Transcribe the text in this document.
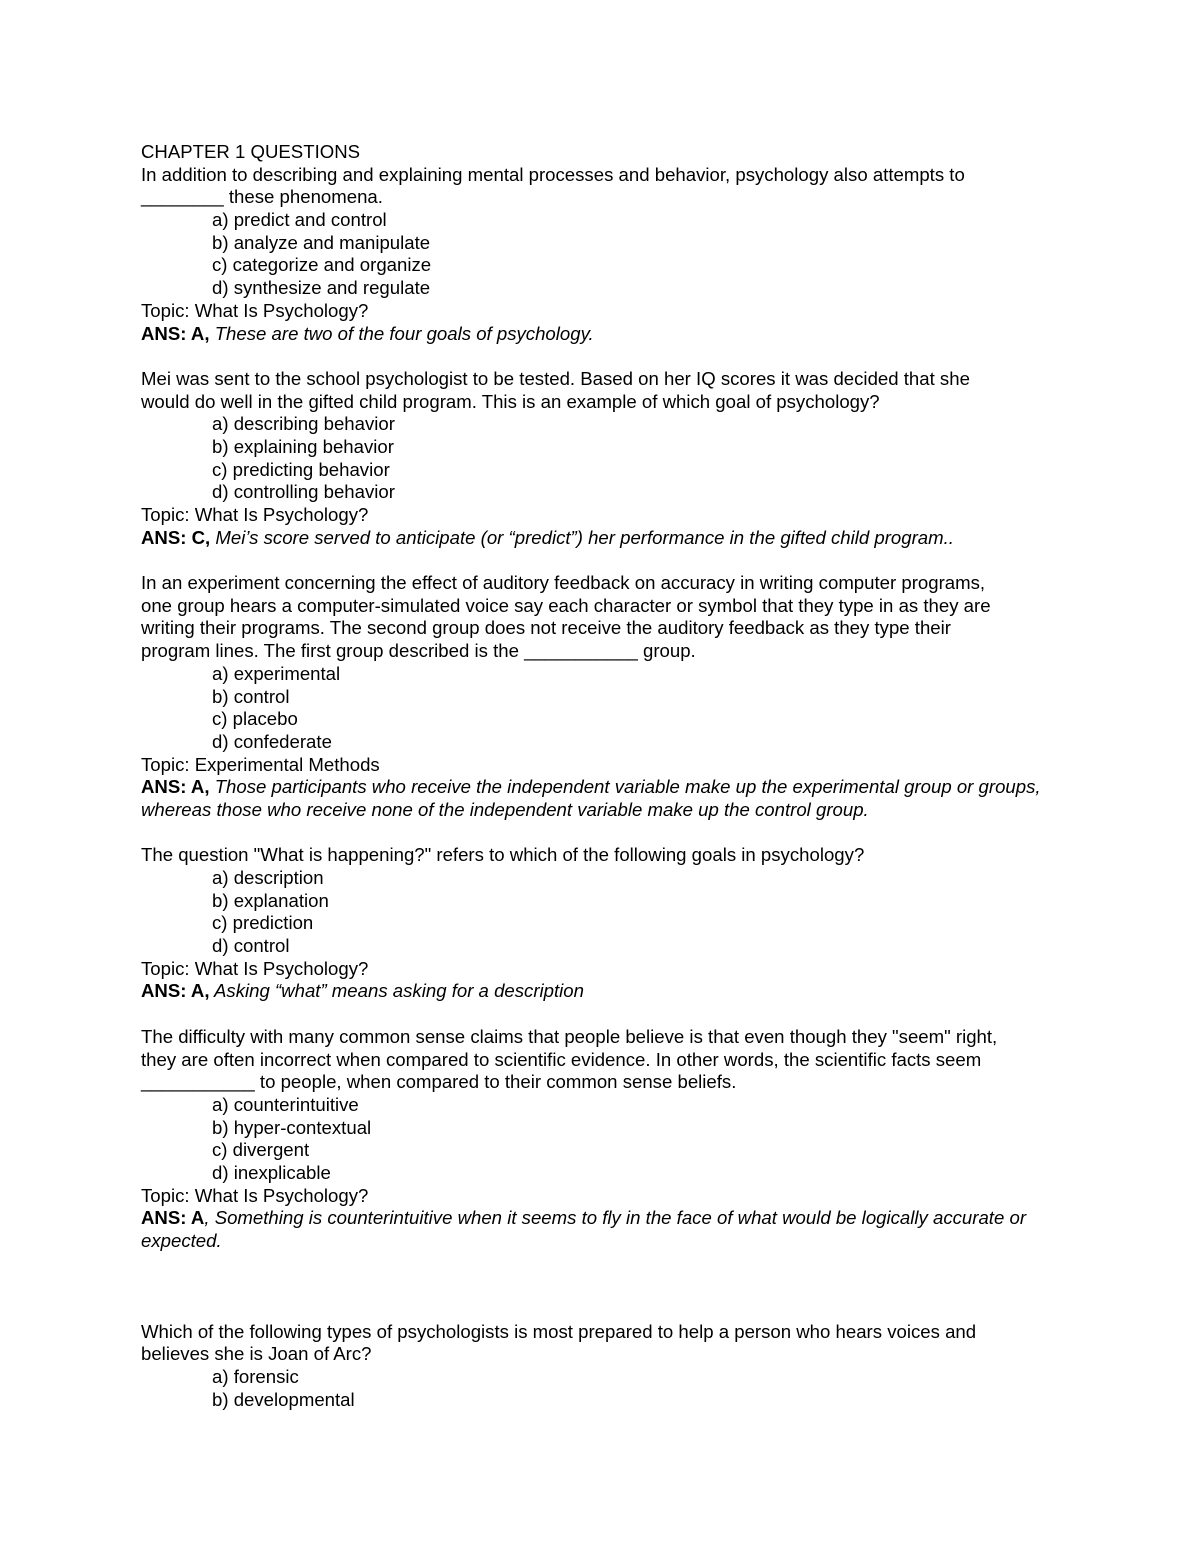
CHAPTER 1 QUESTIONS
In addition to describing and explaining mental processes and behavior, psychology also attempts to
________ these phenomena.
a) predict and control
b) analyze and manipulate
c) categorize and organize
d) synthesize and regulate
Topic: What Is Psychology?
ANS: A, These are two of the four goals of psychology.
Mei was sent to the school psychologist to be tested. Based on her IQ scores it was decided that she
would do well in the gifted child program. This is an example of which goal of psychology?
a) describing behavior
b) explaining behavior
c) predicting behavior
d) controlling behavior
Topic: What Is Psychology?
ANS: C, Mei’s score served to anticipate (or “predict”) her performance in the gifted child program..
In an experiment concerning the effect of auditory feedback on accuracy in writing computer programs,
one group hears a computer-simulated voice say each character or symbol that they type in as they are
writing their programs. The second group does not receive the auditory feedback as they type their
program lines. The first group described is the ___________ group.
a) experimental
b) control
c) placebo
d) confederate
Topic: Experimental Methods
ANS: A, Those participants who receive the independent variable make up the experimental group or groups, whereas those who receive none of the independent variable make up the control group.
The question "What is happening?" refers to which of the following goals in psychology?
a) description
b) explanation
c) prediction
d) control
Topic: What Is Psychology?
ANS: A, Asking “what” means asking for a description
The difficulty with many common sense claims that people believe is that even though they "seem" right,
they are often incorrect when compared to scientific evidence. In other words, the scientific facts seem
___________ to people, when compared to their common sense beliefs.
a) counterintuitive
b) hyper-contextual
c) divergent
d) inexplicable
Topic: What Is Psychology?
ANS: A, Something is counterintuitive when it seems to fly in the face of what would be logically accurate or expected.
Which of the following types of psychologists is most prepared to help a person who hears voices and
believes she is Joan of Arc?
a) forensic
b) developmental
